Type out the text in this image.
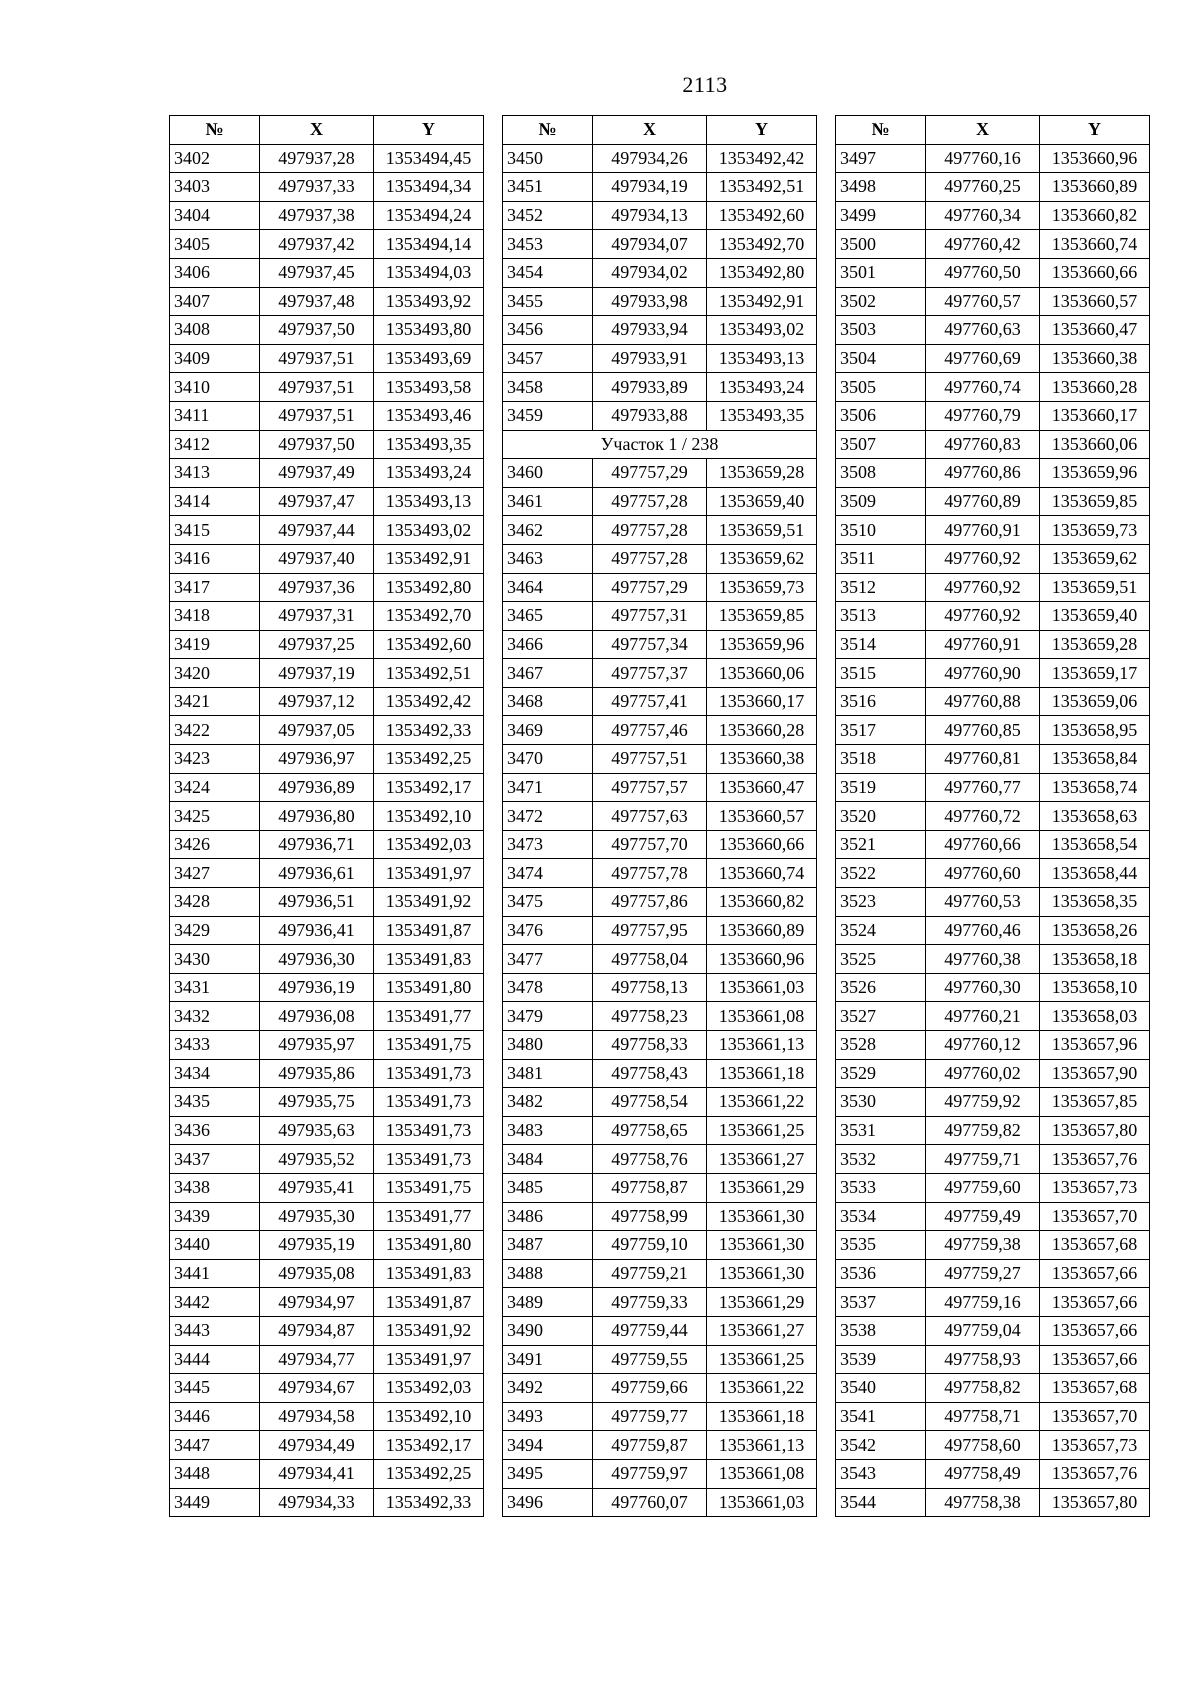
2113
№	X	Y
3402	497937,28	1353494,45
3403	497937,33	1353494,34
3404	497937,38	1353494,24
3405	497937,42	1353494,14
3406	497937,45	1353494,03
3407	497937,48	1353493,92
3408	497937,50	1353493,80
3409	497937,51	1353493,69
3410	497937,51	1353493,58
3411	497937,51	1353493,46
3412	497937,50	1353493,35
3413	497937,49	1353493,24
3414	497937,47	1353493,13
3415	497937,44	1353493,02
3416	497937,40	1353492,91
3417	497937,36	1353492,80
3418	497937,31	1353492,70
3419	497937,25	1353492,60
3420	497937,19	1353492,51
3421	497937,12	1353492,42
3422	497937,05	1353492,33
3423	497936,97	1353492,25
3424	497936,89	1353492,17
3425	497936,80	1353492,10
3426	497936,71	1353492,03
3427	497936,61	1353491,97
3428	497936,51	1353491,92
3429	497936,41	1353491,87
3430	497936,30	1353491,83
3431	497936,19	1353491,80
3432	497936,08	1353491,77
3433	497935,97	1353491,75
3434	497935,86	1353491,73
3435	497935,75	1353491,73
3436	497935,63	1353491,73
3437	497935,52	1353491,73
3438	497935,41	1353491,75
3439	497935,30	1353491,77
3440	497935,19	1353491,80
3441	497935,08	1353491,83
3442	497934,97	1353491,87
3443	497934,87	1353491,92
3444	497934,77	1353491,97
3445	497934,67	1353492,03
3446	497934,58	1353492,10
3447	497934,49	1353492,17
3448	497934,41	1353492,25
3449	497934,33	1353492,33
№	X	Y
3450	497934,26	1353492,42
3451	497934,19	1353492,51
3452	497934,13	1353492,60
3453	497934,07	1353492,70
3454	497934,02	1353492,80
3455	497933,98	1353492,91
3456	497933,94	1353493,02
3457	497933,91	1353493,13
3458	497933,89	1353493,24
3459	497933,88	1353493,35
Участок 1 / 238		
3460	497757,29	1353659,28
3461	497757,28	1353659,40
3462	497757,28	1353659,51
3463	497757,28	1353659,62
3464	497757,29	1353659,73
3465	497757,31	1353659,85
3466	497757,34	1353659,96
3467	497757,37	1353660,06
3468	497757,41	1353660,17
3469	497757,46	1353660,28
3470	497757,51	1353660,38
3471	497757,57	1353660,47
3472	497757,63	1353660,57
3473	497757,70	1353660,66
3474	497757,78	1353660,74
3475	497757,86	1353660,82
3476	497757,95	1353660,89
3477	497758,04	1353660,96
3478	497758,13	1353661,03
3479	497758,23	1353661,08
3480	497758,33	1353661,13
3481	497758,43	1353661,18
3482	497758,54	1353661,22
3483	497758,65	1353661,25
3484	497758,76	1353661,27
3485	497758,87	1353661,29
3486	497758,99	1353661,30
3487	497759,10	1353661,30
3488	497759,21	1353661,30
3489	497759,33	1353661,29
3490	497759,44	1353661,27
3491	497759,55	1353661,25
3492	497759,66	1353661,22
3493	497759,77	1353661,18
3494	497759,87	1353661,13
3495	497759,97	1353661,08
3496	497760,07	1353661,03
№	X	Y
3497	497760,16	1353660,96
3498	497760,25	1353660,89
3499	497760,34	1353660,82
3500	497760,42	1353660,74
3501	497760,50	1353660,66
3502	497760,57	1353660,57
3503	497760,63	1353660,47
3504	497760,69	1353660,38
3505	497760,74	1353660,28
3506	497760,79	1353660,17
3507	497760,83	1353660,06
3508	497760,86	1353659,96
3509	497760,89	1353659,85
3510	497760,91	1353659,73
3511	497760,92	1353659,62
3512	497760,92	1353659,51
3513	497760,92	1353659,40
3514	497760,91	1353659,28
3515	497760,90	1353659,17
3516	497760,88	1353659,06
3517	497760,85	1353658,95
3518	497760,81	1353658,84
3519	497760,77	1353658,74
3520	497760,72	1353658,63
3521	497760,66	1353658,54
3522	497760,60	1353658,44
3523	497760,53	1353658,35
3524	497760,46	1353658,26
3525	497760,38	1353658,18
3526	497760,30	1353658,10
3527	497760,21	1353658,03
3528	497760,12	1353657,96
3529	497760,02	1353657,90
3530	497759,92	1353657,85
3531	497759,82	1353657,80
3532	497759,71	1353657,76
3533	497759,60	1353657,73
3534	497759,49	1353657,70
3535	497759,38	1353657,68
3536	497759,27	1353657,66
3537	497759,16	1353657,66
3538	497759,04	1353657,66
3539	497758,93	1353657,66
3540	497758,82	1353657,68
3541	497758,71	1353657,70
3542	497758,60	1353657,73
3543	497758,49	1353657,76
3544	497758,38	1353657,80
